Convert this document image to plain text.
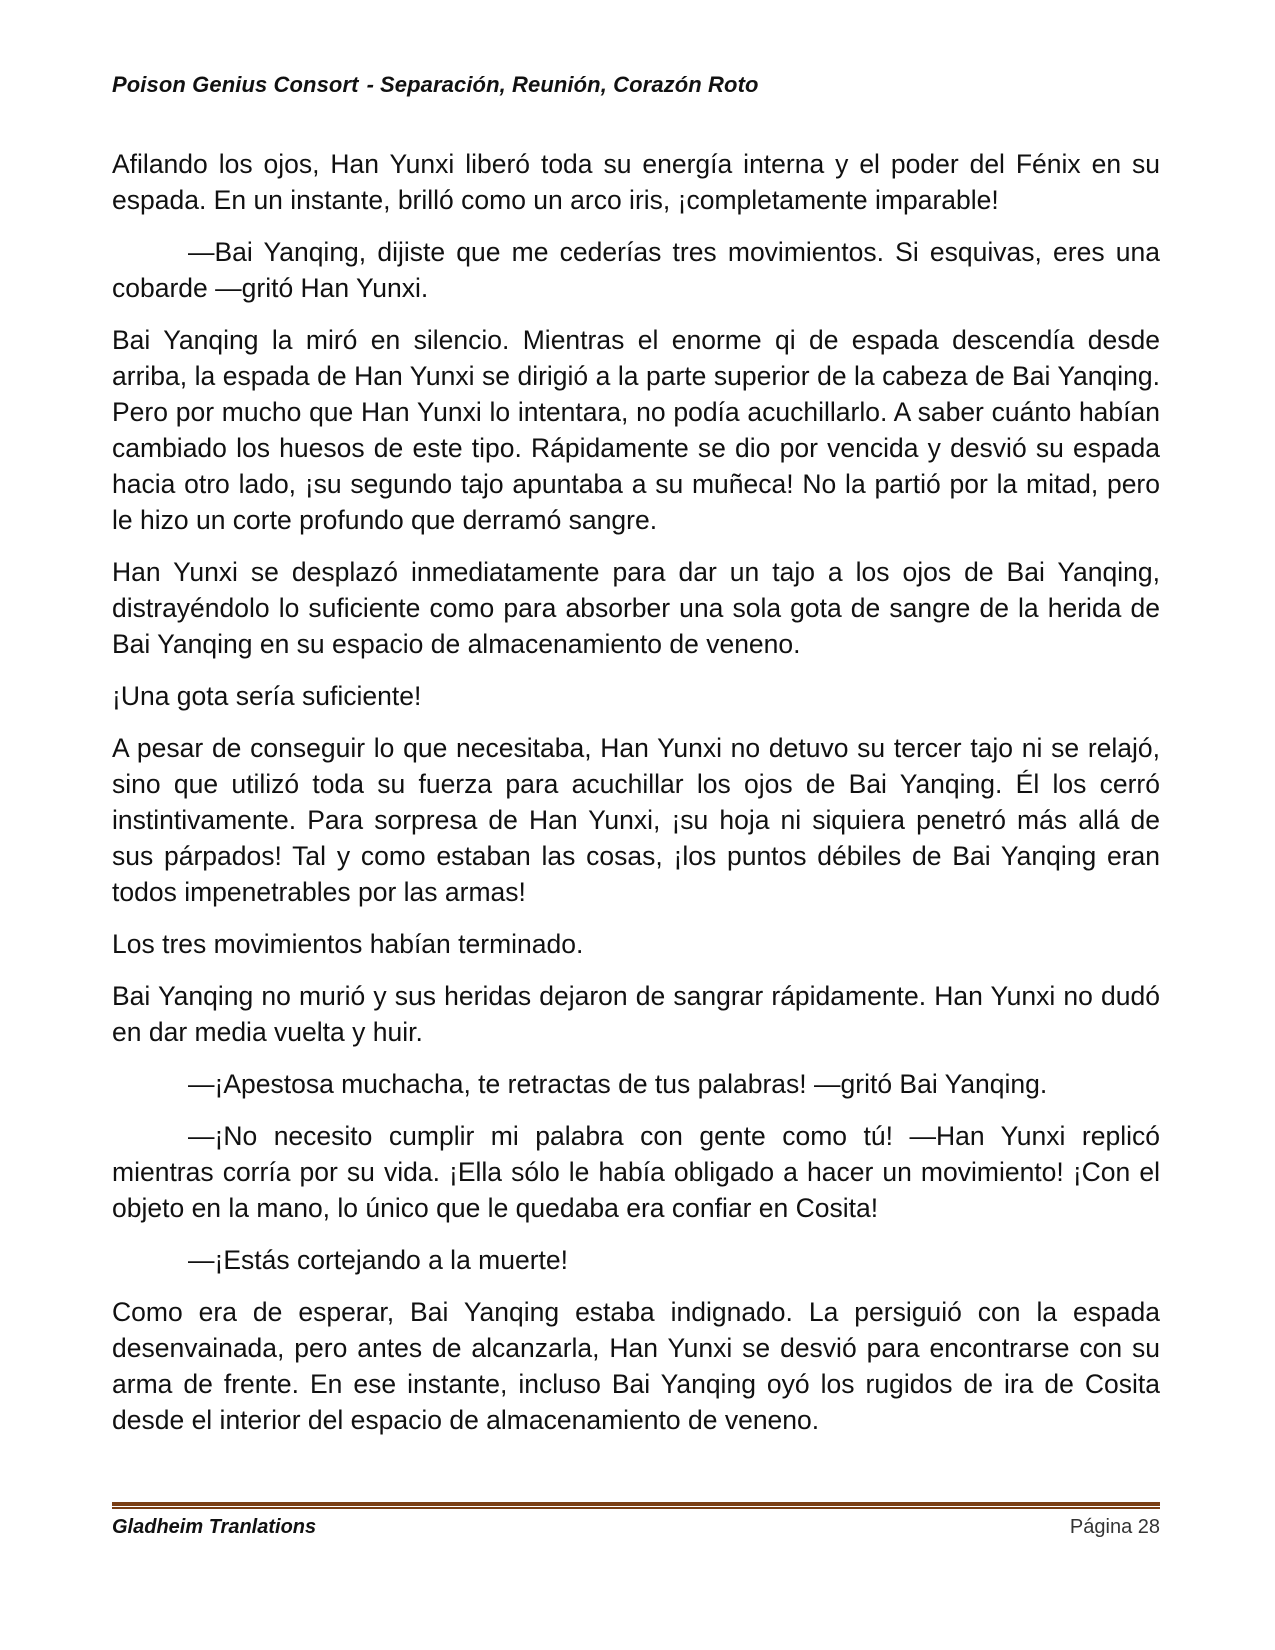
Poison Genius Consort - Separación, Reunión, Corazón Roto

Afilando los ojos, Han Yunxi liberó toda su energía interna y el poder del Fénix en su espada. En un instante, brilló como un arco iris, ¡completamente imparable!

—Bai Yanqing, dijiste que me cederías tres movimientos. Si esquivas, eres una cobarde —gritó Han Yunxi.

Bai Yanqing la miró en silencio. Mientras el enorme qi de espada descendía desde arriba, la espada de Han Yunxi se dirigió a la parte superior de la cabeza de Bai Yanqing. Pero por mucho que Han Yunxi lo intentara, no podía acuchillarlo. A saber cuánto habían cambiado los huesos de este tipo. Rápidamente se dio por vencida y desvió su espada hacia otro lado, ¡su segundo tajo apuntaba a su muñeca! No la partió por la mitad, pero le hizo un corte profundo que derramó sangre.

Han Yunxi se desplazó inmediatamente para dar un tajo a los ojos de Bai Yanqing, distrayéndolo lo suficiente como para absorber una sola gota de sangre de la herida de Bai Yanqing en su espacio de almacenamiento de veneno.

¡Una gota sería suficiente!

A pesar de conseguir lo que necesitaba, Han Yunxi no detuvo su tercer tajo ni se relajó, sino que utilizó toda su fuerza para acuchillar los ojos de Bai Yanqing. Él los cerró instintivamente. Para sorpresa de Han Yunxi, ¡su hoja ni siquiera penetró más allá de sus párpados! Tal y como estaban las cosas, ¡los puntos débiles de Bai Yanqing eran todos impenetrables por las armas!

Los tres movimientos habían terminado.

Bai Yanqing no murió y sus heridas dejaron de sangrar rápidamente. Han Yunxi no dudó en dar media vuelta y huir.

—¡Apestosa muchacha, te retractas de tus palabras! —gritó Bai Yanqing.

—¡No necesito cumplir mi palabra con gente como tú! —Han Yunxi replicó mientras corría por su vida. ¡Ella sólo le había obligado a hacer un movimiento! ¡Con el objeto en la mano, lo único que le quedaba era confiar en Cosita!

—¡Estás cortejando a la muerte!

Como era de esperar, Bai Yanqing estaba indignado. La persiguió con la espada desenvainada, pero antes de alcanzarla, Han Yunxi se desvió para encontrarse con su arma de frente. En ese instante, incluso Bai Yanqing oyó los rugidos de ira de Cosita desde el interior del espacio de almacenamiento de veneno.

Gladheim Tranlations	Página 28
